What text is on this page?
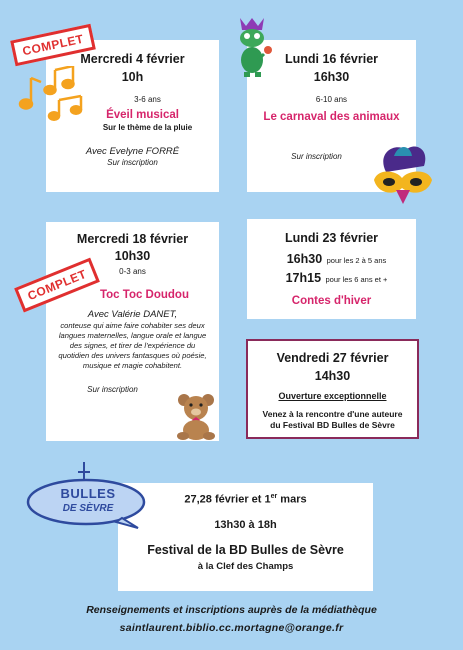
Mercredi 4 février
10h
3-6 ans
Éveil musical
Sur le thème de la pluie
Avec Evelyne FORRÉ
Sur inscription
COMPLET
Lundi 16 février
16h30
6-10 ans
Le carnaval des animaux
Sur inscription
Mercredi 18 février
10h30
0-3 ans
Toc Toc Doudou
Avec Valérie DANET,
conteuse qui aime faire cohabiter ses deux langues maternelles, langue orale et langue des signes, et tirer de l'expérience du quotidien des univers fantasques où poésie, musique et magie cohabitent.
Sur inscription
COMPLET
Lundi 23 février
16h30 pour les 2 à 5 ans
17h15 pour les 6 ans et +
Contes d'hiver
Vendredi 27 février
14h30
Ouverture exceptionnelle
Venez à la rencontre d'une auteure
du Festival BD Bulles de Sèvre
27,28 février et 1er mars
13h30 à 18h
Festival de la BD Bulles de Sèvre
à la Clef des Champs
BULLES
DE SÈVRE
Renseignements et inscriptions auprès de la médiathèque
saintlaurent.biblio.cc.mortagne@orange.fr
